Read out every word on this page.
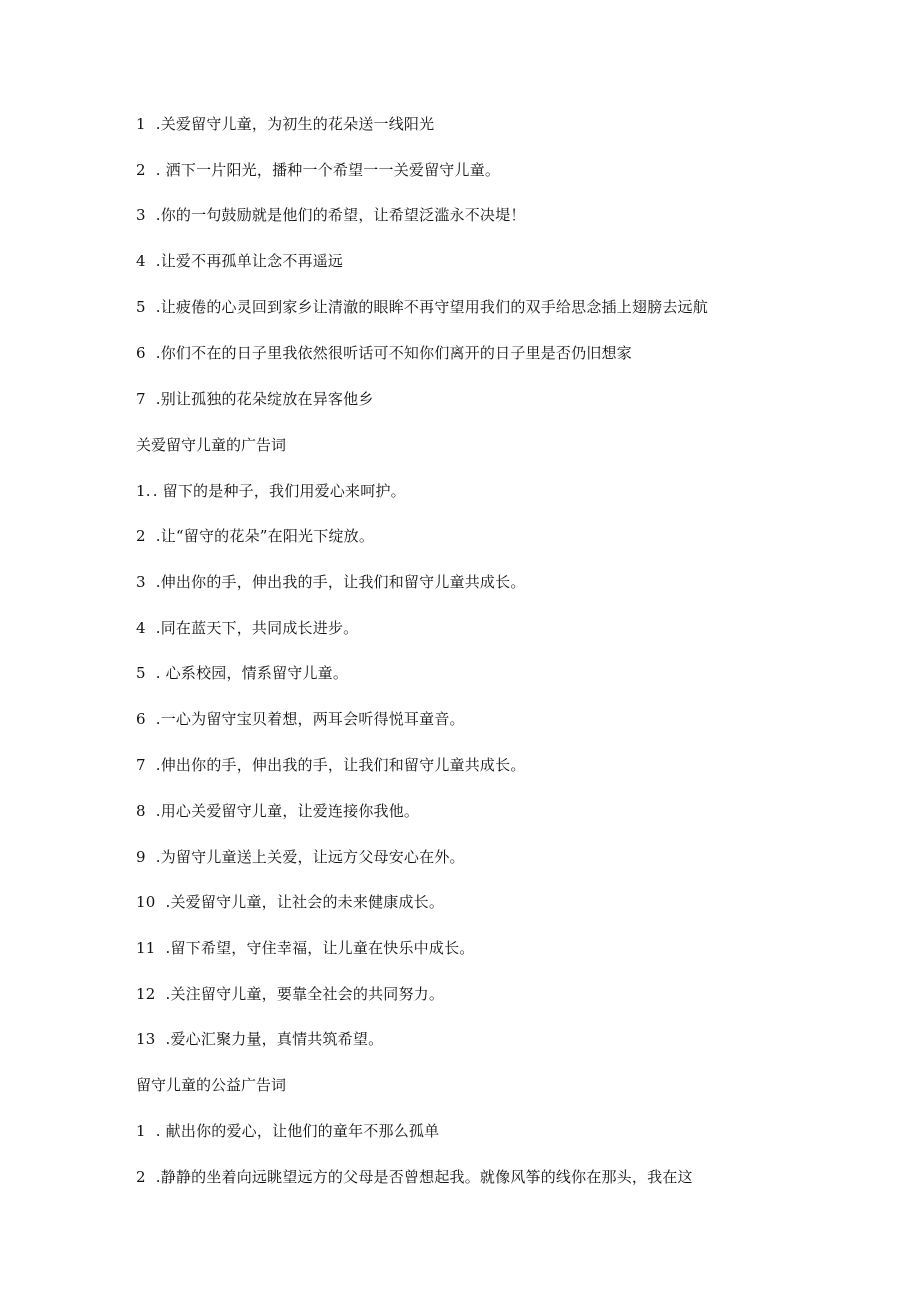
1 .关爱留守儿童，为初生的花朵送一线阳光
2 . 洒下一片阳光，播种一个希望一一关爱留守儿童。
3 .你的一句鼓励就是他们的希望，让希望泛滥永不决堤！
4 .让爱不再孤单让念不再遥远
5 .让疲倦的心灵回到家乡让清澈的眼眸不再守望用我们的双手给思念插上翅膀去远航
6 .你们不在的日子里我依然很听话可不知你们离开的日子里是否仍旧想家
7 .别让孤独的花朵绽放在异客他乡
关爱留守儿童的广告词
1. . 留下的是种子，我们用爱心来呵护。
2 .让“留守的花朵”在阳光下绽放。
3 .伸出你的手，伸出我的手，让我们和留守儿童共成长。
4 .同在蓝天下，共同成长进步。
5 . 心系校园，情系留守儿童。
6 .一心为留守宝贝着想，两耳会听得悦耳童音。
7 .伸出你的手，伸出我的手，让我们和留守儿童共成长。
8 .用心关爱留守儿童，让爱连接你我他。
9 .为留守儿童送上关爱，让远方父母安心在外。
10 .关爱留守儿童，让社会的未来健康成长。
11 .留下希望，守住幸福，让儿童在快乐中成长。
12 .关注留守儿童，要靠全社会的共同努力。
13 .爱心汇聚力量，真情共筑希望。
留守儿童的公益广告词
1 . 献出你的爱心，让他们的童年不那么孤单
2 .静静的坐着向远眺望远方的父母是否曾想起我。就像风筝的线你在那头，我在这
